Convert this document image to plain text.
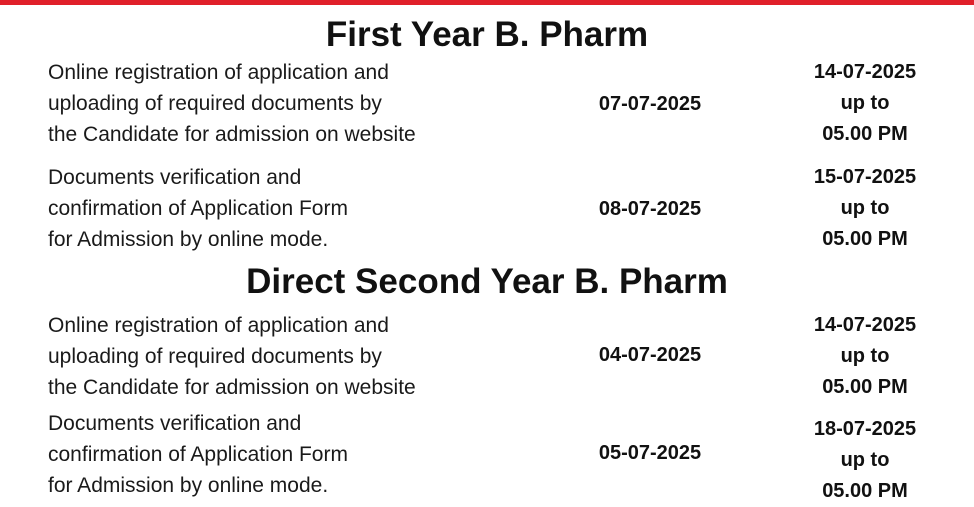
First Year B. Pharm
Online registration of application and
uploading of required documents by
the Candidate for admission on website
07-07-2025
14-07-2025
up to
05.00 PM
Documents verification and
confirmation of Application Form
for Admission by online mode.
08-07-2025
15-07-2025
up to
05.00 PM
Direct Second Year B. Pharm
Online registration of application and
uploading of required documents by
the Candidate for admission on website
04-07-2025
14-07-2025
up to
05.00 PM
Documents verification and
confirmation of Application Form
for Admission by online mode.
05-07-2025
18-07-2025
up to
05.00 PM
